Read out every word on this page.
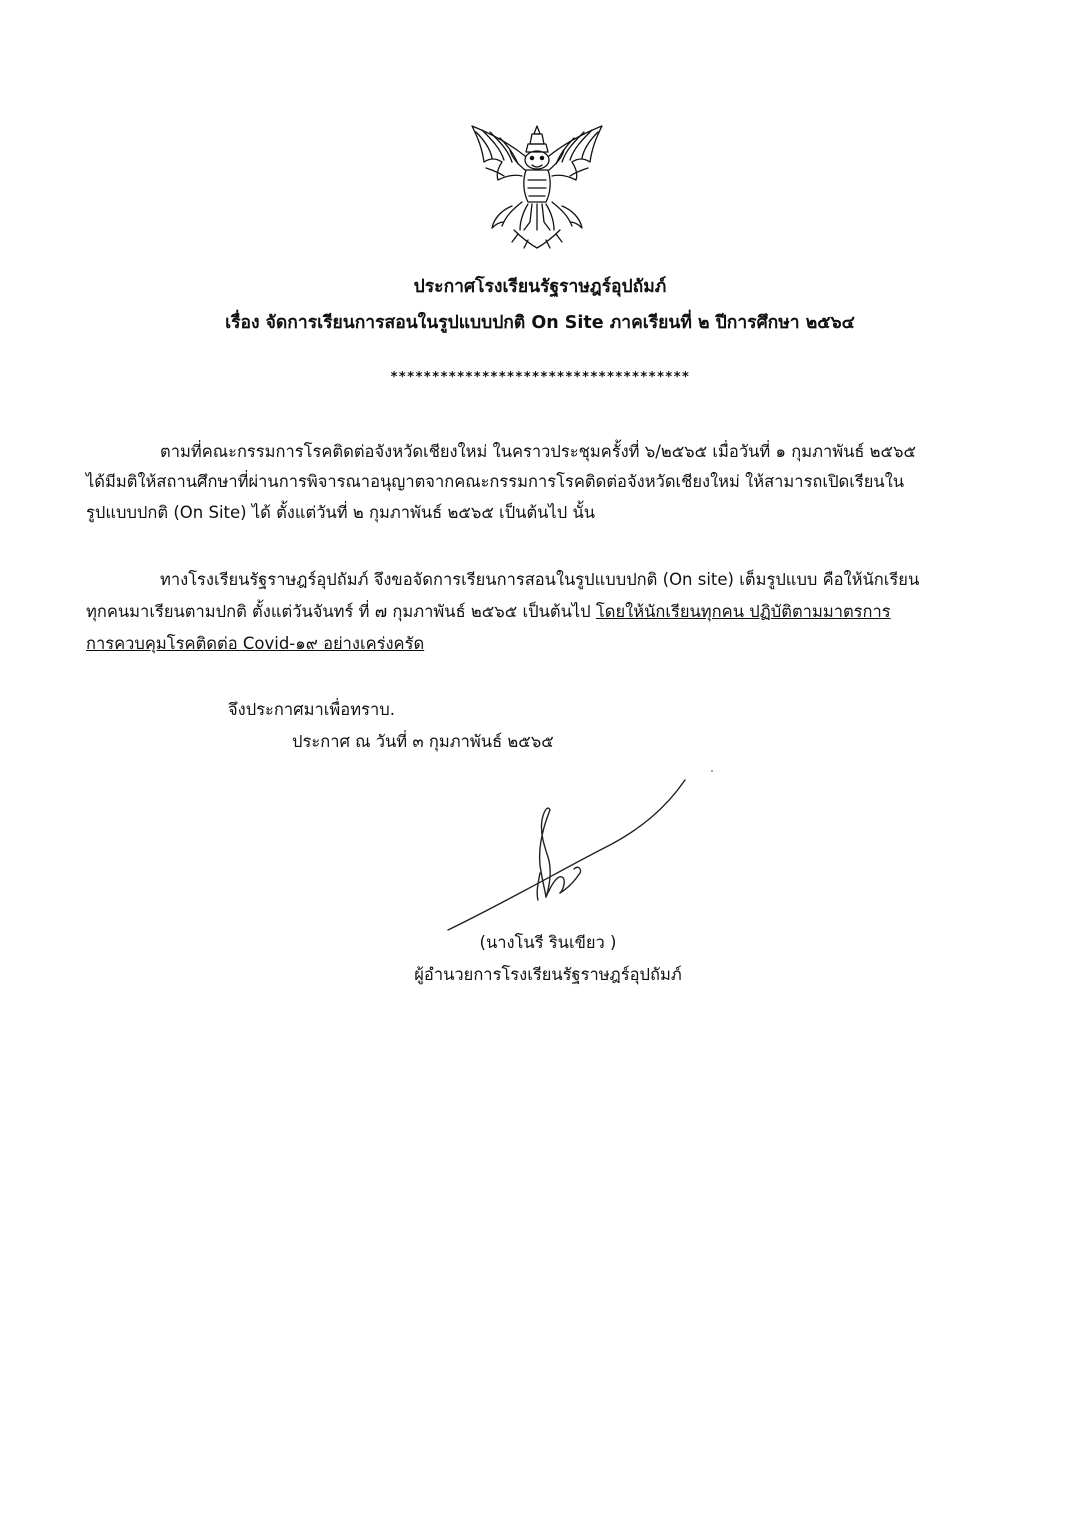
ประกาศโรงเรียนรัฐราษฎร์อุปถัมภ์
เรื่อง จัดการเรียนการสอนในรูปแบบปกติ On Site ภาคเรียนที่ ๒ ปีการศึกษา ๒๕๖๔
************************************
ตามที่คณะกรรมการโรคติดต่อจังหวัดเชียงใหม่ ในคราวประชุมครั้งที่ ๖/๒๕๖๕ เมื่อวันที่ ๑ กุมภาพันธ์ ๒๕๖๕
ได้มีมติให้สถานศึกษาที่ผ่านการพิจารณาอนุญาตจากคณะกรรมการโรคติดต่อจังหวัดเชียงใหม่ ให้สามารถเปิดเรียนใน
รูปแบบปกติ (On Site) ได้ ตั้งแต่วันที่ ๒ กุมภาพันธ์ ๒๕๖๕ เป็นต้นไป นั้น
ทางโรงเรียนรัฐราษฎร์อุปถัมภ์ จึงขอจัดการเรียนการสอนในรูปแบบปกติ (On site) เต็มรูปแบบ คือให้นักเรียน
ทุกคนมาเรียนตามปกติ ตั้งแต่วันจันทร์ ที่ ๗ กุมภาพันธ์ ๒๕๖๕ เป็นต้นไป โดยให้นักเรียนทุกคน ปฏิบัติตามมาตรการ
การควบคุมโรคติดต่อ Covid-๑๙ อย่างเคร่งครัด
จึงประกาศมาเพื่อทราบ.
ประกาศ ณ วันที่ ๓ กุมภาพันธ์ ๒๕๖๕
(นางโนรี รินเขียว )
ผู้อำนวยการโรงเรียนรัฐราษฎร์อุปถัมภ์
